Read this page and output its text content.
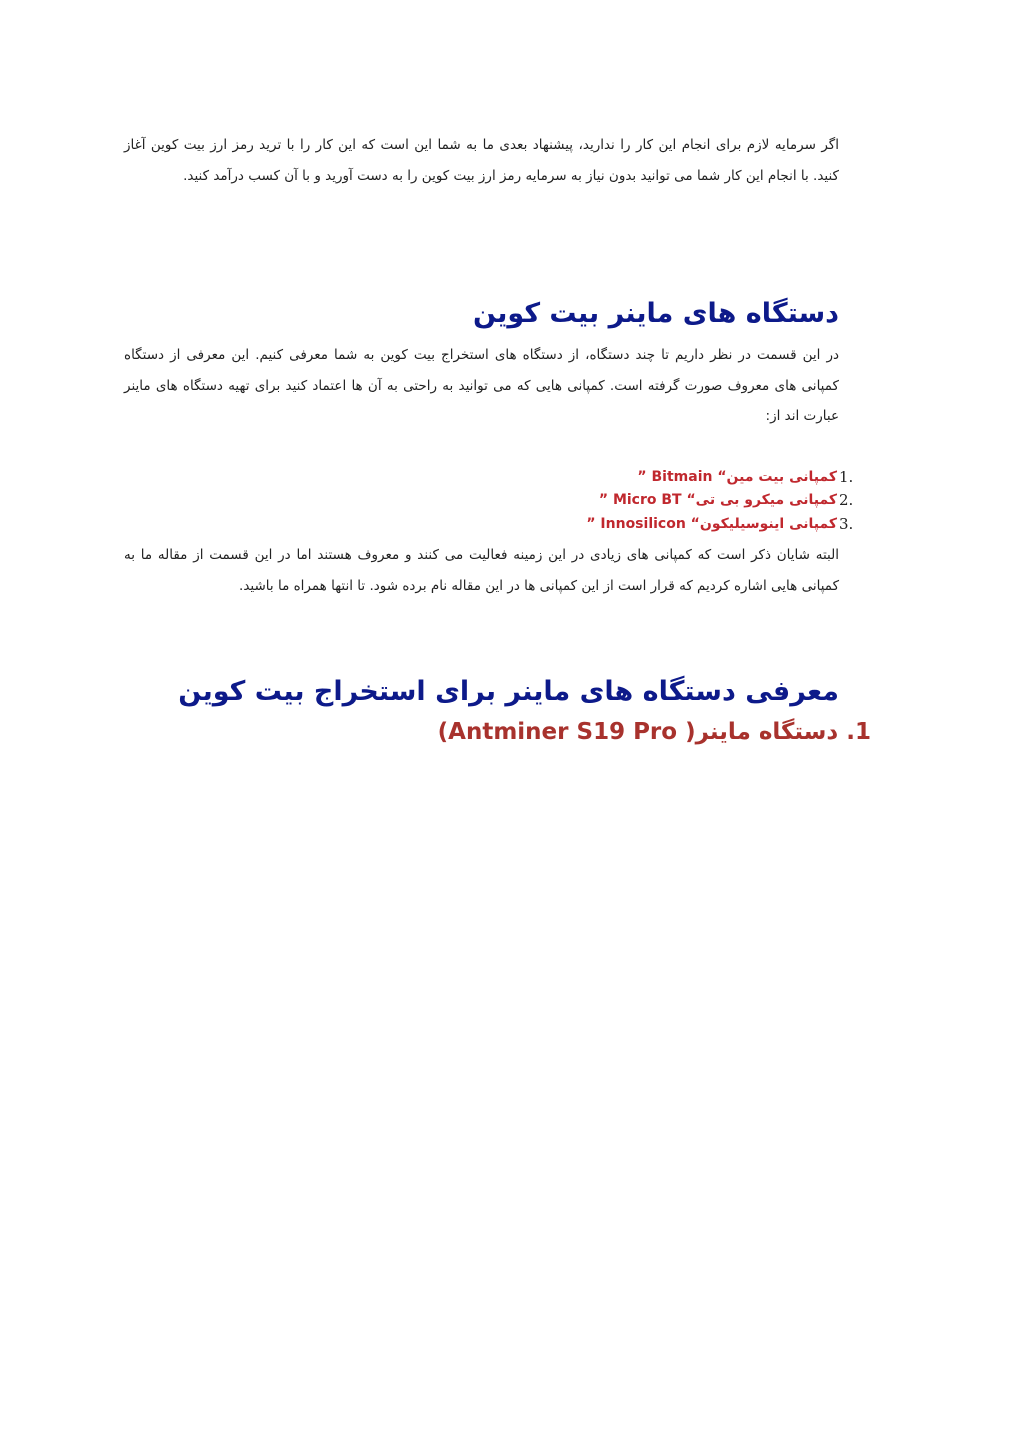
اگر سرمایه لازم برای انجام این کار را ندارید، پیشنهاد بعدی ما به شما این است که این کار را با ترید رمز ارز بیت کوین آغاز کنید. با انجام این کار شما می توانید بدون نیاز به سرمایه رمز ارز بیت کوین را به دست آورید و با آن کسب درآمد کنید.

دستگاه های ماینر بیت کوین

در این قسمت در نظر داریم تا چند دستگاه، از دستگاه های استخراج بیت کوین به شما معرفی کنیم. این معرفی از دستگاه کمپانی های معروف صورت گرفته است. کمپانی هایی که می توانید به راحتی به آن ها اعتماد کنید برای تهیه دستگاه های ماینر عبارت اند از:

1.
کمپانی بیت مین“ Bitmain ”
2.
کمپانی میکرو بی تی“ Micro BT ”
3.
کمپانی اینوسیلیکون“ Innosilicon ”

البته شایان ذکر است که کمپانی های زیادی در این زمینه فعالیت می کنند و معروف هستند اما در این قسمت از مقاله ما به کمپانی هایی اشاره کردیم که قرار است از این کمپانی ها در این مقاله نام برده شود. تا انتها همراه ما باشید.

معرفی دستگاه های ماینر برای استخراج بیت کوین
1. دستگاه ماینر( Antminer S19 Pro)
